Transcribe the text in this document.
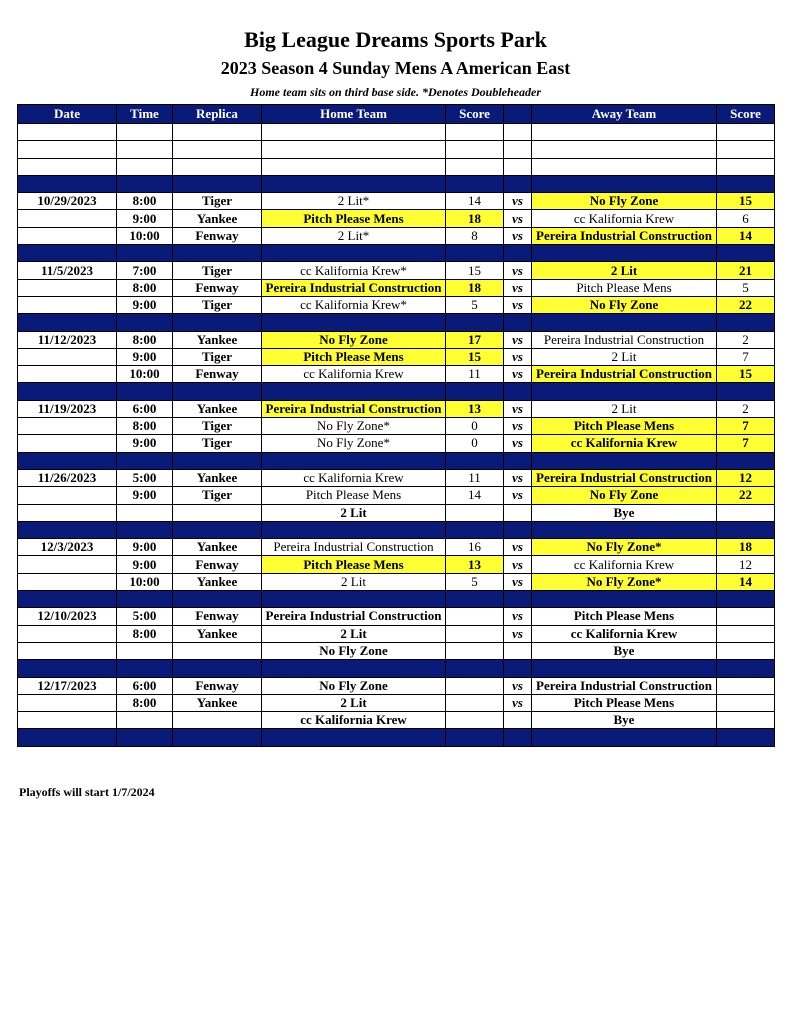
Big League Dreams Sports Park
2023 Season 4 Sunday Mens A American East
Home team sits on third base side. *Denotes Doubleheader
Date	Time	Replica	Home Team	Score		Away Team	Score

10/29/2023	8:00	Tiger	2 Lit*	14	vs	No Fly Zone	15
	9:00	Yankee	Pitch Please Mens	18	vs	cc Kalifornia Krew	6
	10:00	Fenway	2 Lit*	8	vs	Pereira Industrial Construction	14

11/5/2023	7:00	Tiger	cc Kalifornia Krew*	15	vs	2 Lit	21
	8:00	Fenway	Pereira Industrial Construction	18	vs	Pitch Please Mens	5
	9:00	Tiger	cc Kalifornia Krew*	5	vs	No Fly Zone	22

11/12/2023	8:00	Yankee	No Fly Zone	17	vs	Pereira Industrial Construction	2
	9:00	Tiger	Pitch Please Mens	15	vs	2 Lit	7
	10:00	Fenway	cc Kalifornia Krew	11	vs	Pereira Industrial Construction	15

11/19/2023	6:00	Yankee	Pereira Industrial Construction	13	vs	2 Lit	2
	8:00	Tiger	No Fly Zone*	0	vs	Pitch Please Mens	7
	9:00	Tiger	No Fly Zone*	0	vs	cc Kalifornia Krew	7

11/26/2023	5:00	Yankee	cc Kalifornia Krew	11	vs	Pereira Industrial Construction	12
	9:00	Tiger	Pitch Please Mens	14	vs	No Fly Zone	22
			2 Lit			Bye	

12/3/2023	9:00	Yankee	Pereira Industrial Construction	16	vs	No Fly Zone*	18
	9:00	Fenway	Pitch Please Mens	13	vs	cc Kalifornia Krew	12
	10:00	Yankee	2 Lit	5	vs	No Fly Zone*	14

12/10/2023	5:00	Fenway	Pereira Industrial Construction		vs	Pitch Please Mens	
	8:00	Yankee	2 Lit		vs	cc Kalifornia Krew	
			No Fly Zone			Bye	

12/17/2023	6:00	Fenway	No Fly Zone		vs	Pereira Industrial Construction	
	8:00	Yankee	2 Lit		vs	Pitch Please Mens	
			cc Kalifornia Krew			Bye	

Playoffs will start 1/7/2024
